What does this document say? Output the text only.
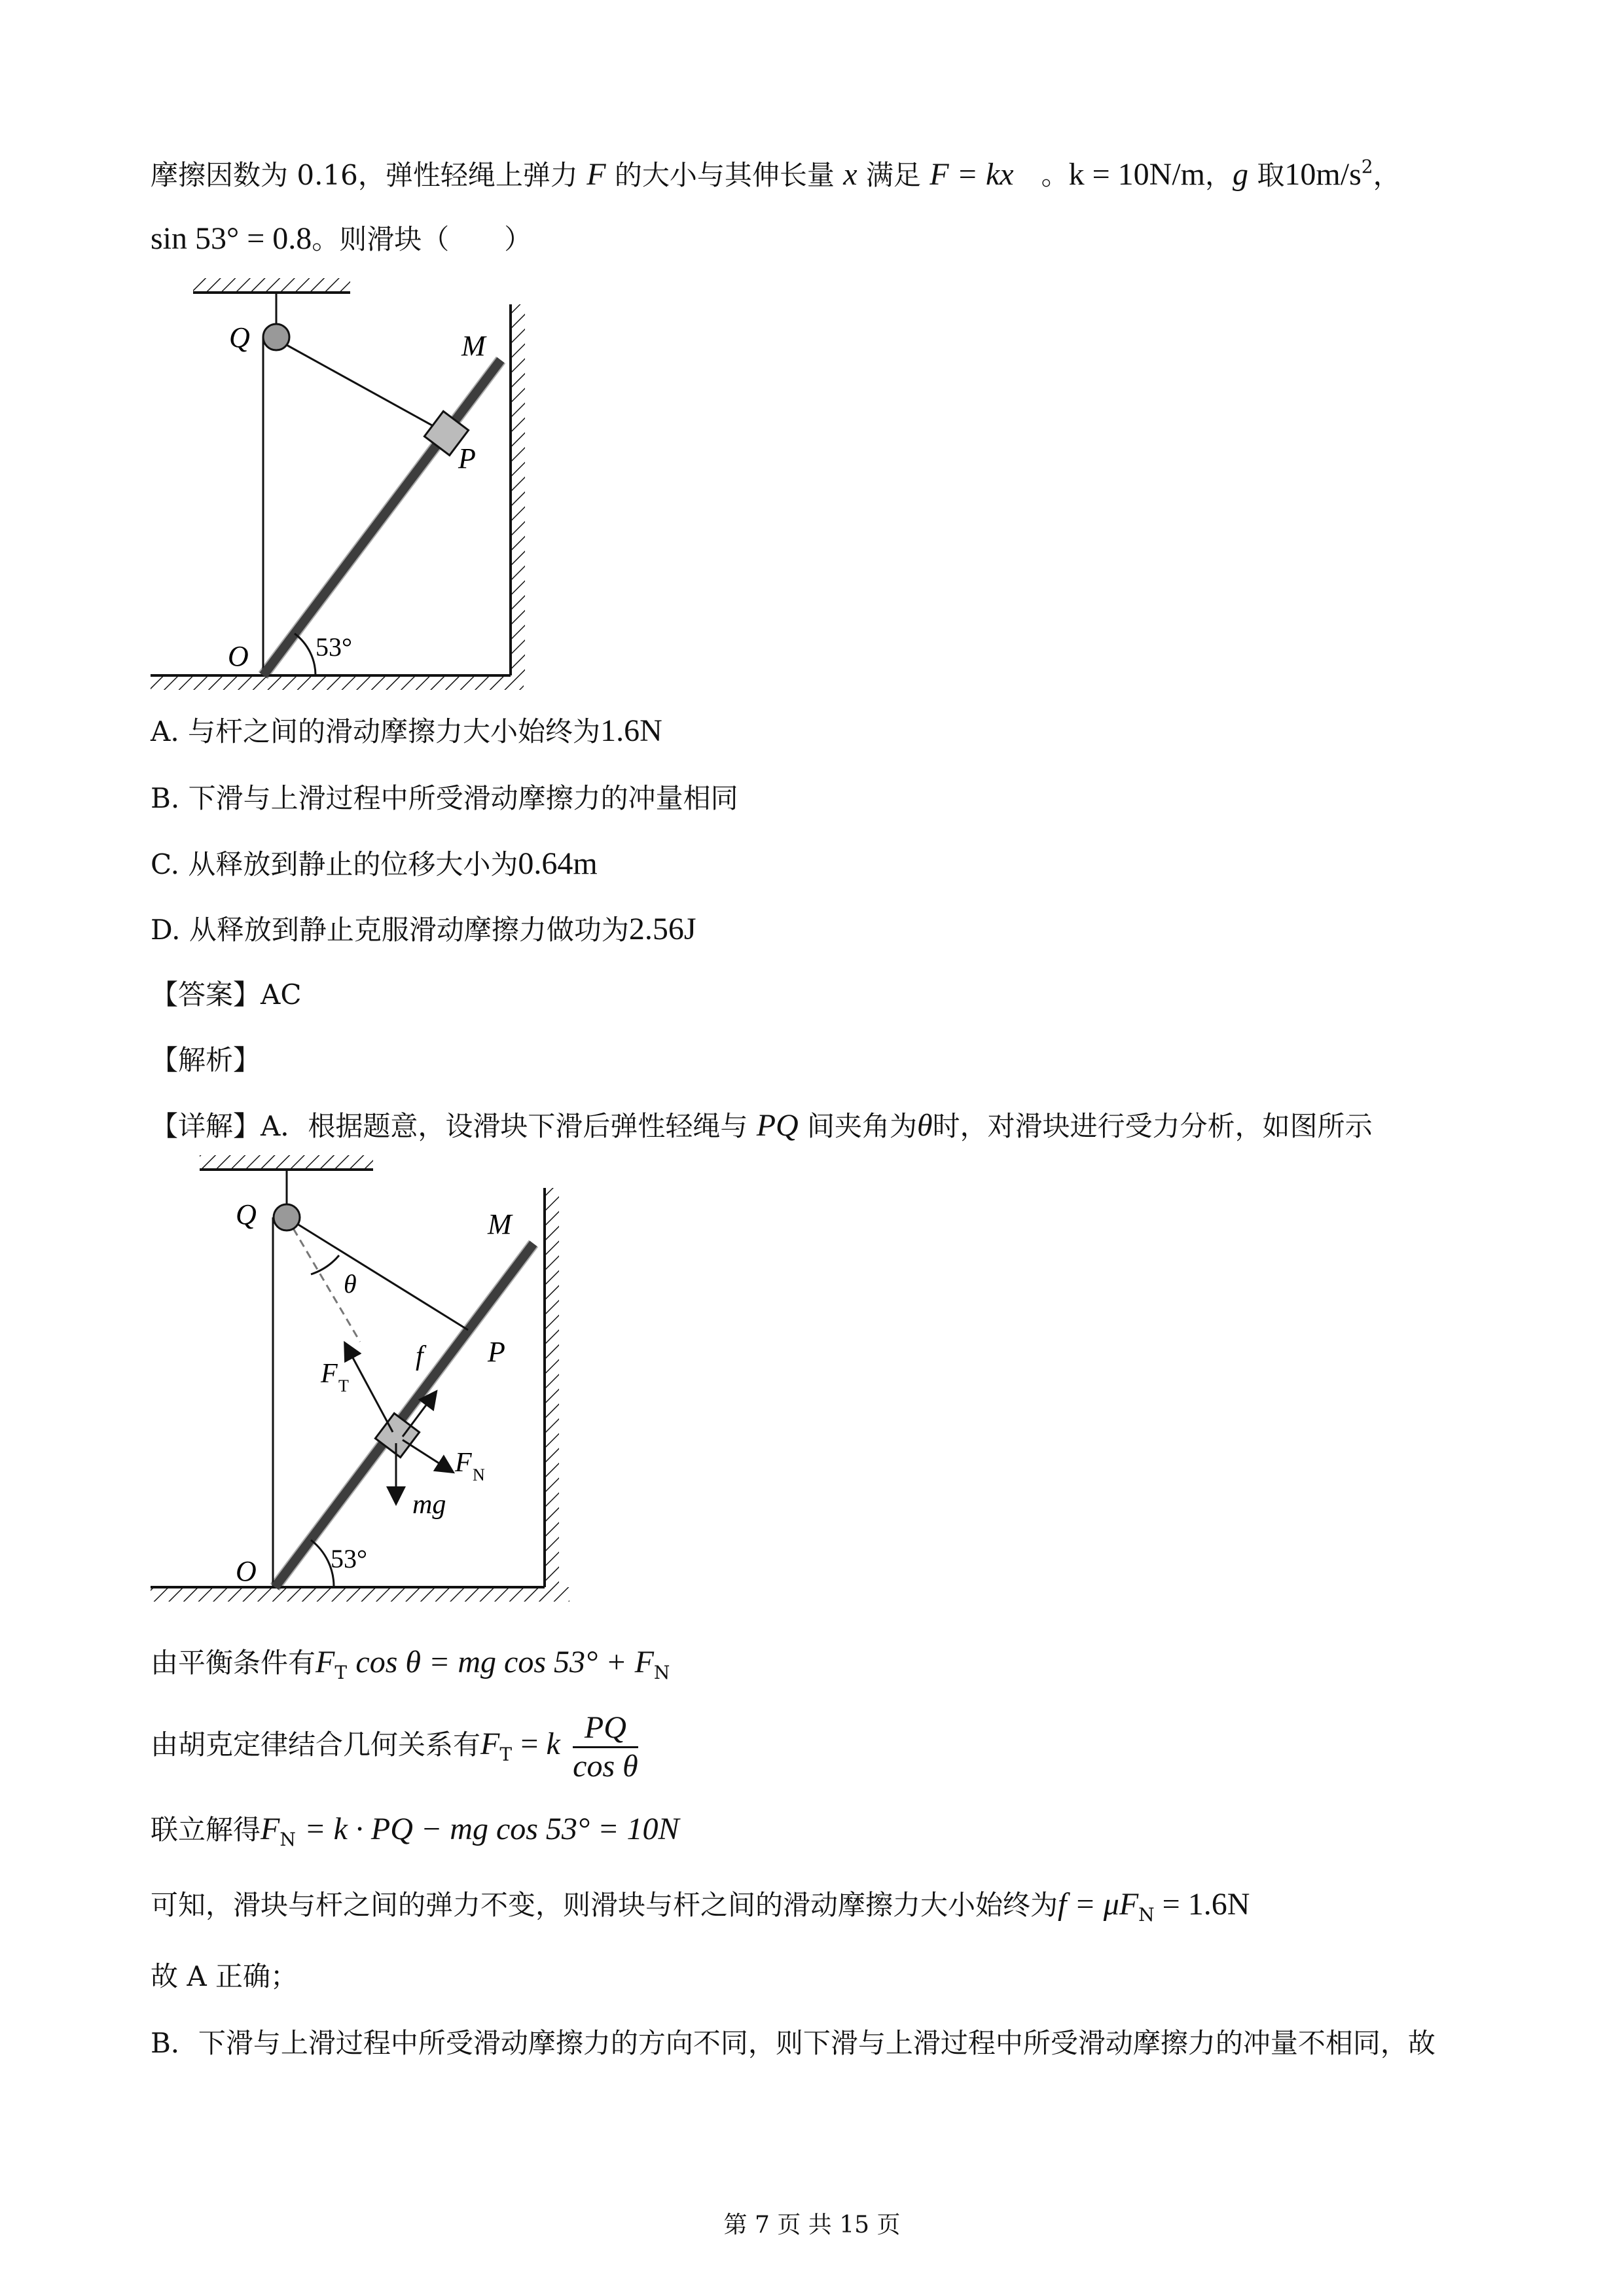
摩擦因数为 0.16，弹性轻绳上弹力 F 的大小与其伸长量 x 满足 F = kx　。k = 10N/m，g 取$10m/s^2$，
sin 53° = 0.8。则滑块（　　）
Q	M
P
O	53°
A. 与杆之间的滑动摩擦力大小始终为1.6N
B. 下滑与上滑过程中所受滑动摩擦力的冲量相同
C. 从释放到静止的位移大小为0.64m
D. 从释放到静止克服滑动摩擦力做功为2.56J
【答案】AC
【解析】
【详解】A．根据题意，设滑块下滑后弹性轻绳与 PQ 间夹角为θ时，对滑块进行受力分析，如图所示
Q	M
P
O
θ
F T
f
F N
mg
53°
由平衡条件有$F_T$ cos θ = mg $\cos 53^\circ + F_N$
由胡克定律结合几何关系有$F_T = k \frac{PQ}{\text{cos θ}}$
联立解得$F_N = k$ · PQ − mg cos 53° = 10N
可知，滑块与杆之间的弹力不变，则滑块与杆之间的滑动摩擦力大小始终为$f = \mu F_N = 1.6N$
故 A 正确；
B．下滑与上滑过程中所受滑动摩擦力的方向不同，则下滑与上滑过程中所受滑动摩擦力的冲量不相同，故
第 7 页 共 15 页
